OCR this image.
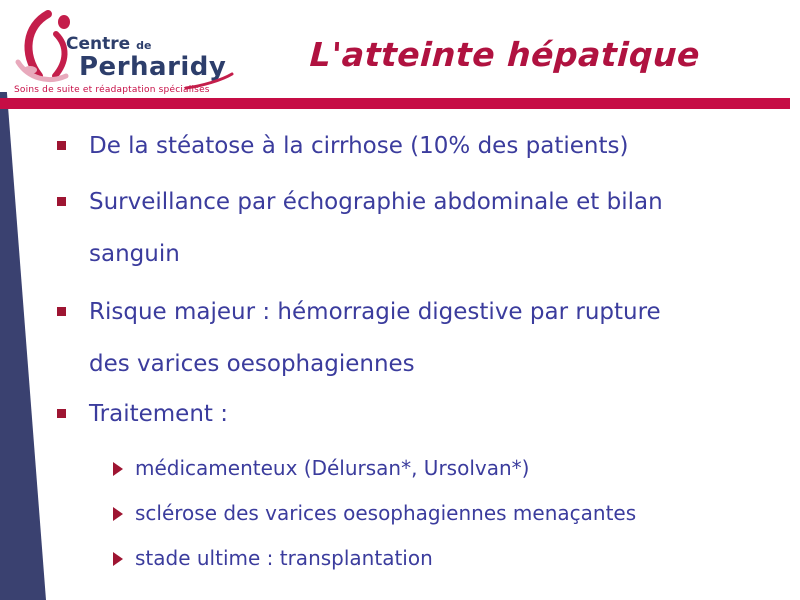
Centre de
Perharidy
Soins de suite et réadaptation spécialisés
L'atteinte hépatique
De la stéatose à la cirrhose (10% des patients)
Surveillance par échographie abdominale et bilan
sanguin
Risque majeur : hémorragie digestive par rupture
des varices oesophagiennes
Traitement :
médicamenteux (Délursan*, Ursolvan*)
sclérose des varices oesophagiennes menaçantes
stade ultime : transplantation
